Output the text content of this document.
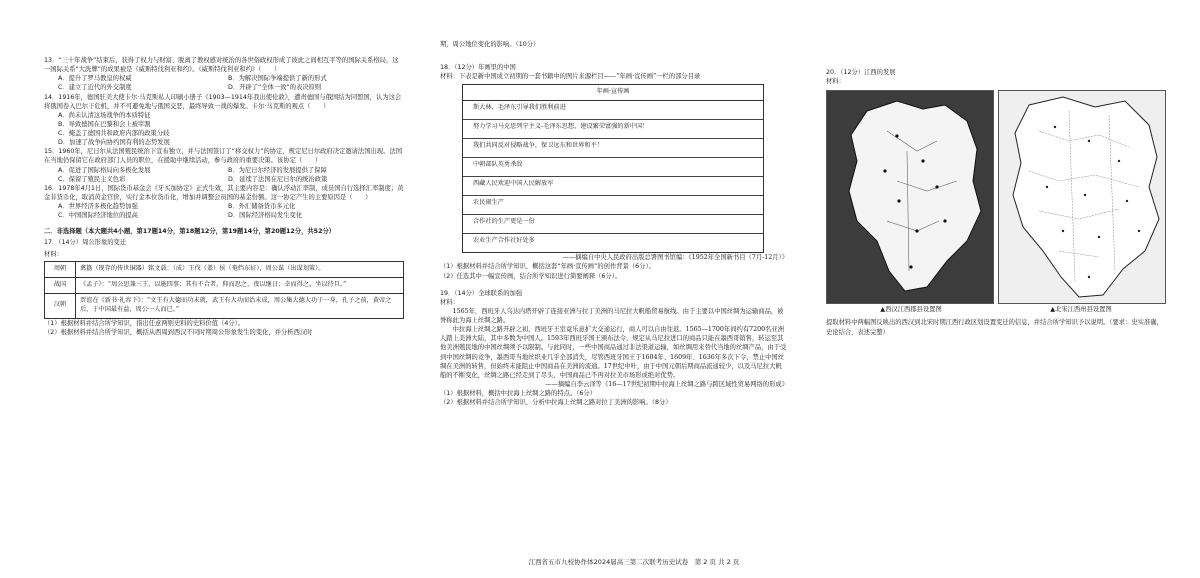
13．“三十年战争”结束后，获得了权力与财富、脱离了教权感对统治的各世俗政权形成了彼此之间相互平等的国际关系格局，这一国际关系“大洗牌”的成果被是《威斯特伐利亚和约》。《威斯特伐利亚和约》（　　）

A．提升了罗马教皇的权威	B．为解决国际争端提供了新的形式
C．建立了近代的外交制度	D．开辟了“全体一致”的表决原则

14．1916年，德国驻美大使卡尔·马克斯私人印刷小册子《1903—1914年我出使伦敦》，遭责德国与俄国结为同盟国，认为这会将俄国卷入巴尔干危机，并不可避免地与俄国交恶，最终导致一战的爆发。卡尔·马克斯的观点（　　）

A．尚未认清这场战争的本质特征
B．导致德国在巴黎和会上被宰割
C．掩盖了德国共和政府内部的政策分歧
D．加速了战争向协约国有利的态势发展

15．1960年，尼日尔从法国殖民统治下宣布独立，并与法国签订了“移交权力”的协定，规定尼日尔政府决定邀请法国出现。法国在当地仍保留它在政府部门人员的职位，在援助中继续活动，参与政府的重要决策。该协定（　　）

A．促进了国际格局向多极化发展	B．为尼日尔经济的发展提供了保障
C．保留了殖民主义色彩	D．延续了法国在尼日尔的统治政策

16．1978年4月1日，国际货币基金会《牙买加协定》正式生效，其主要内容是：确认浮动汇率制，成员国自行选择汇率制度；黄金非货币化，取消黄金官价，实行金本位货币化，增加并调整会员国的基金份额。这一协定产生的主要原因是（　　）

A．世界经济多极化趋势加强	B．外汇储备货币多元化
C．中国国际经济地位的提高	D．国际经济格局发生变化

二．非选择题（本大题共4小题，第17题14分，第18题12分，第19题14分，第20题12分，共52分）

17．（14分）周公形象的变迁

材料：

周朝	禽簋（现存的传世铜器）铭文载：（成）王伐（盖）侯（奄挡东征），周公谋（出谋划策）。
战国	《孟子》：“周公思兼三王，以施四事；其有不合者，仰而思之，夜以继日；幸而得之，坐以待旦。”
汉朝	贾谊在《新书·礼容下》：“文王有大德而功未就，武王有大功而治未成，周公集大德大功于一身，孔子之前，黄帝之后，于中国最有益，周公一人而已。”

（1）根据材料并结合所学知识，指出任意两则史料的史料价值（4分）。

（2）根据材料并结合所学知识，概括从西周到西汉不同时期周公形象发生的变化，并分析西汉时

期，周公地位变化的影响。（10分）

18．（12分）年画里的中国

材料：下表是新中国成立初期的一套书籍中的图片来源栏目——“年画·宣传画”一栏的部分目录

年画·宣传画
斯大林、毛泽东引导我们胜利前进
努力学习马克思列宁主义-毛泽东思想，建设繁荣富强的新中国！
我们共同反对侵略战争，保卫远东和世界和平！
中朝部队英勇杀敌
西藏人民欢迎中国人民解放军
农民闹生产
合作社的生产更是一份
农业生产合作社好处多

——摘编自中央人民政府出版总署图书馆编：《1952年全国新书目（7月-12月）》

（1）根据材料并结合所学知识，概括这套“年画·宣传画”的创作背景（6分）。

（2）任选其中一幅宣传画，结合所学知识进行简要阐释（6分）。

19．（14分）全球联系的加强

材料：

1565年，西班牙人乌达内塔开辟了连接亚洲与拉丁美洲的马尼拉大帆船贸易航线。由于主要以中国丝绸为运输商品，被誉称此为海上丝绸之路。

中拉海上丝绸之路开辟之初，西班牙王室竟乐意扩大交通运行，商人可以自由往返。1565—1700年间约有7200名亚洲人踏上美洲大陆，其中多数为中国人。1593年西班牙国王颁布法令，规定从马尼拉进口的商品只能在墨西哥销售，转运至其他美洲殖民地的中国丝绸须予以限制。与此同时，一些中国商品通过非法渠道运输，如丝绸用来替代当地的丝绸产品，由于受到中国丝绸的竞争，墨西哥当地丝织业几乎全部消失，尽管西班牙国王于1604年、1609年、1636年多次下令，禁止中国丝绸在美洲的转售，但始终未能阻止中国商品在美洲的流通。17世纪中叶，由于中国元朝后期商品流通较少，以及马尼拉大帆船的不断变化，丝绸之路已经走到了尽头，中国商品已不再对拉美市场形成绝对优势。

——摘编自李云泽等《16—17世纪初期中拉海上丝绸之路与跨区域性贸易网络的形成》

（1）根据材料，概括中拉海上丝绸之路的特点。（6分）

（2）根据材料并结合所学知识，分析中拉海上丝绸之路对拉丁美洲的影响。（8分）

20．（12分）江西的发展

材料：

▲西汉江西郡县设置图	▲北宋江西州县设置图

提取材料中两幅图反映出的西汉到北宋时期江西行政区划设置变迁的信息，并结合所学知识予以说明。（要求：史实准确，史论结合，表述完整）

江西省五市九校协作体2024届高三第二次联考历史试卷　第 2 页 共 2 页
